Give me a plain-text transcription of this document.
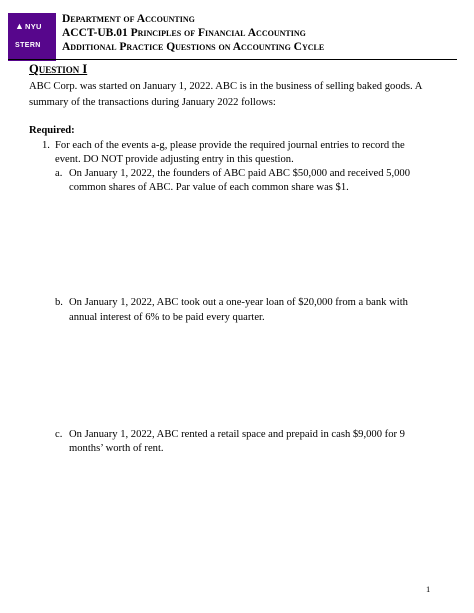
▲ NYU
STERN
Department of Accounting
ACCT-UB.01 Principles of Financial Accounting
Additional Practice Questions on Accounting Cycle
Question I
ABC Corp. was started on January 1, 2022. ABC is in the business of selling baked goods. A
summary of the transactions during January 2022 follows:
Required:
1. For each of the events a-g, please provide the required journal entries to record the
event. DO NOT provide adjusting entry in this question.
a. On January 1, 2022, the founders of ABC paid ABC $50,000 and received 5,000
common shares of ABC. Par value of each common share was $1.
b. On January 1, 2022, ABC took out a one-year loan of $20,000 from a bank with
annual interest of 6% to be paid every quarter.
c. On January 1, 2022, ABC rented a retail space and prepaid in cash $9,000 for 9
months’ worth of rent.
1
